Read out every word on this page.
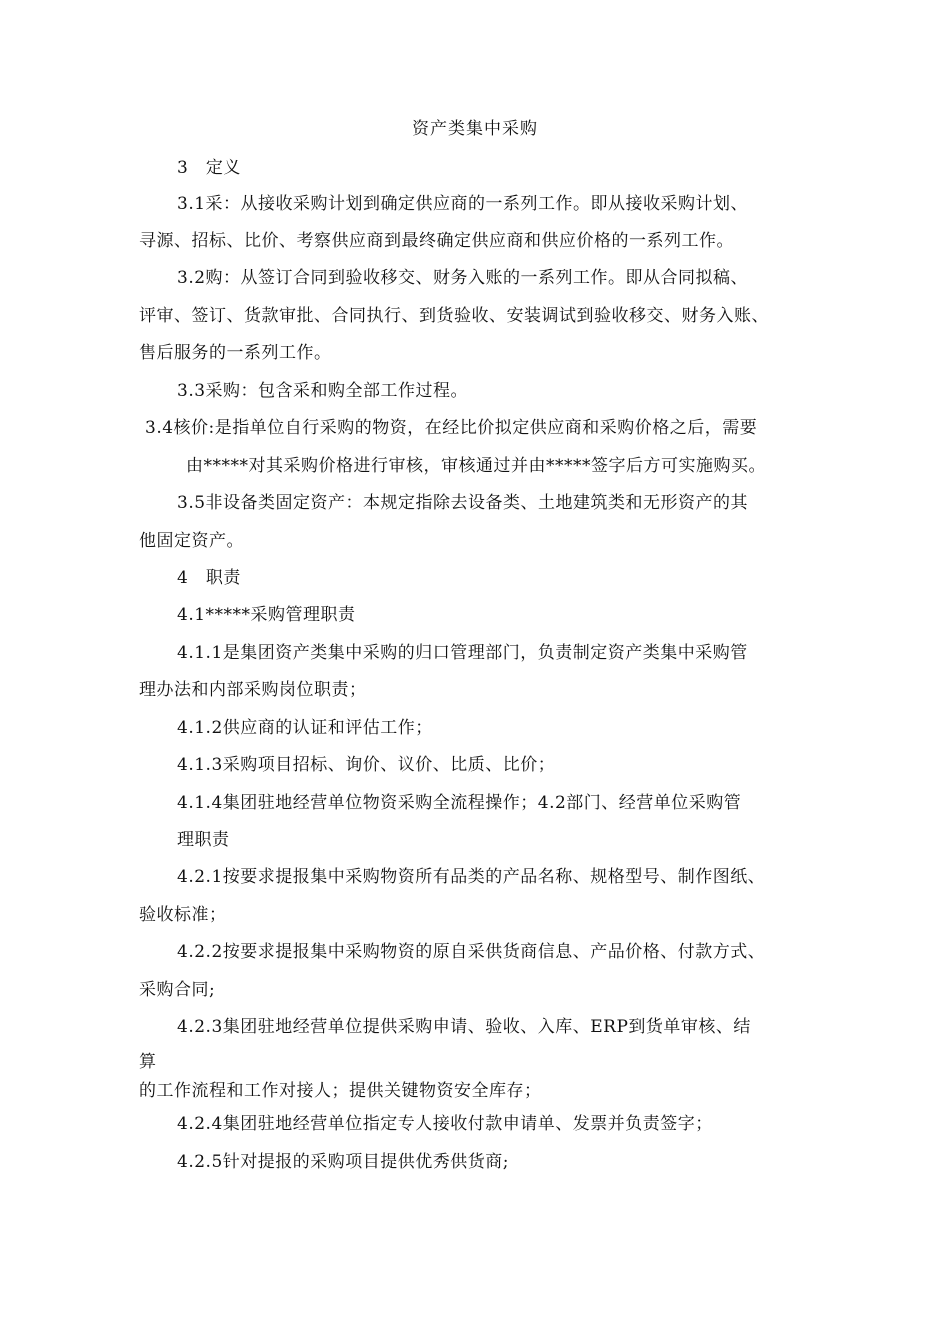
资产类集中采购
3　定义
3.1采：从接收采购计划到确定供应商的一系列工作。即从接收采购计划、
寻源、招标、比价、考察供应商到最终确定供应商和供应价格的一系列工作。
3.2购：从签订合同到验收移交、财务入账的一系列工作。即从合同拟稿、
评审、签订、货款审批、合同执行、到货验收、安装调试到验收移交、财务入账、
售后服务的一系列工作。
3.3采购：包含采和购全部工作过程。
3.4核价:是指单位自行采购的物资，在经比价拟定供应商和采购价格之后，需要
由*****对其采购价格进行审核，审核通过并由*****签字后方可实施购买。
3.5非设备类固定资产：本规定指除去设备类、土地建筑类和无形资产的其
他固定资产。
4　职责
4.1*****采购管理职责
4.1.1是集团资产类集中采购的归口管理部门，负责制定资产类集中采购管
理办法和内部采购岗位职责；
4.1.2供应商的认证和评估工作；
4.1.3采购项目招标、询价、议价、比质、比价；
4.1.4集团驻地经营单位物资采购全流程操作；4.2部门、经营单位采购管
理职责
4.2.1按要求提报集中采购物资所有品类的产品名称、规格型号、制作图纸、
验收标准；
4.2.2按要求提报集中采购物资的原自采供货商信息、产品价格、付款方式、
采购合同;
4.2.3集团驻地经营单位提供采购申请、验收、入库、ERP到货单审核、结
算
的工作流程和工作对接人；提供关键物资安全库存；
4.2.4集团驻地经营单位指定专人接收付款申请单、发票并负责签字；
4.2.5针对提报的采购项目提供优秀供货商;
